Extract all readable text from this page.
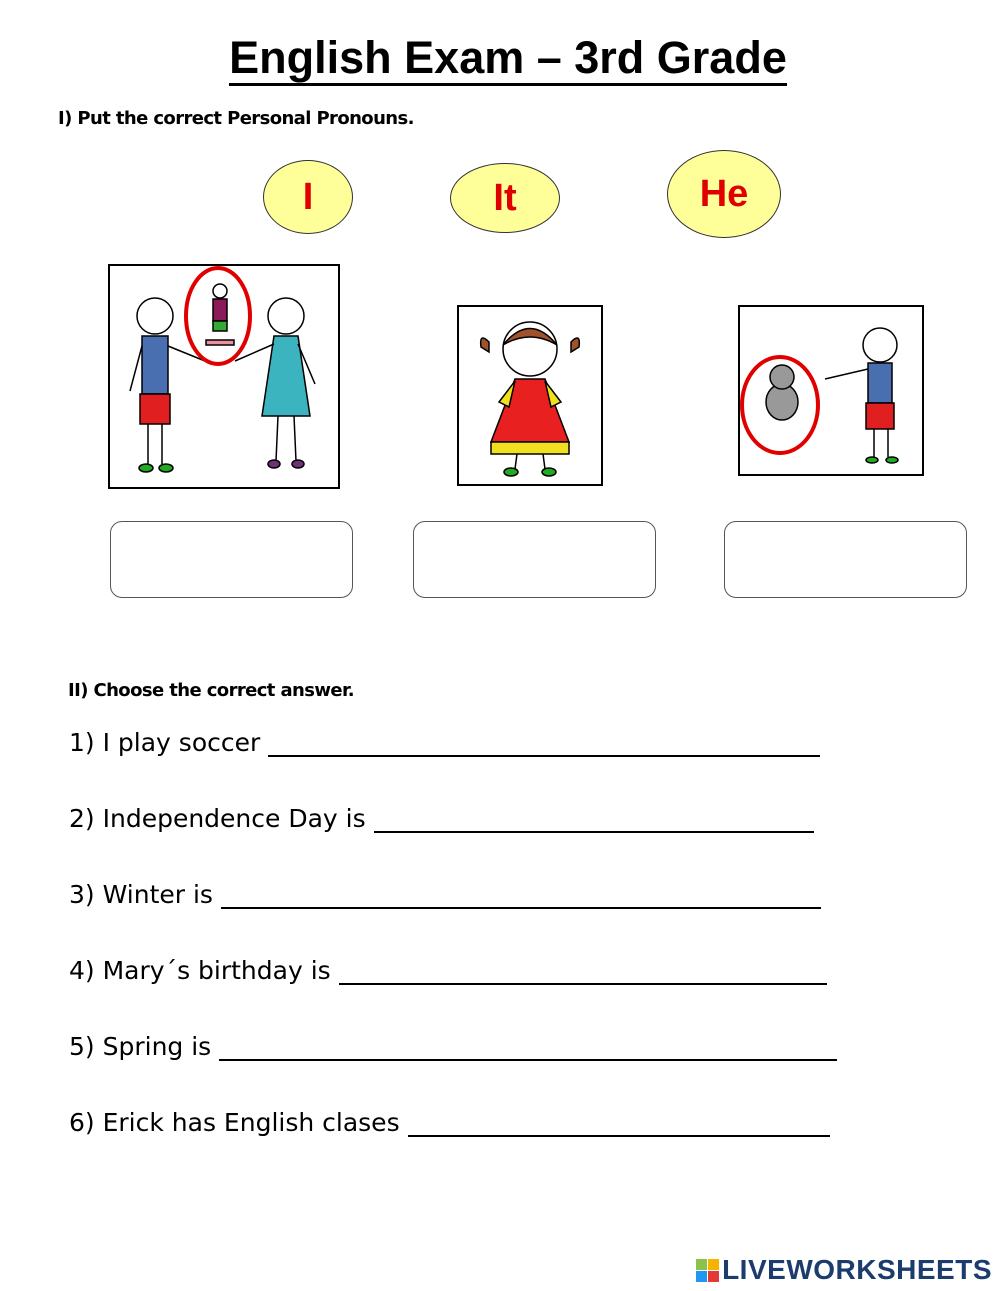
English Exam – 3rd Grade
I) Put the correct Personal Pronouns.
I	It	He
II) Choose the correct answer.
1) I play soccer
2) Independence Day is
3) Winter is
4) Mary´s birthday is
5) Spring is
6) Erick has English clases
LIVEWORKSHEETS
